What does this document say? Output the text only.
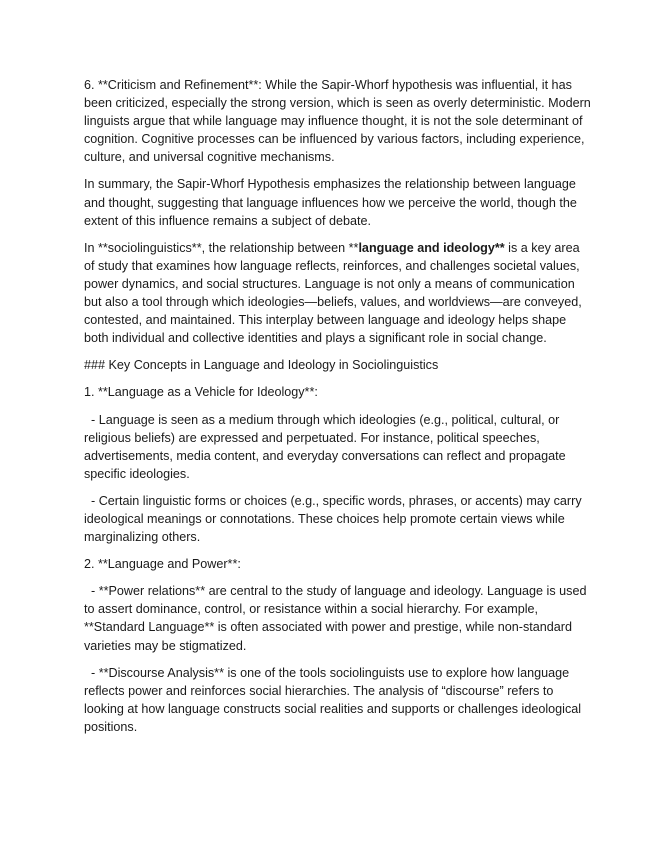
6. **Criticism and Refinement**: While the Sapir-Whorf hypothesis was influential, it has been criticized, especially the strong version, which is seen as overly deterministic. Modern linguists argue that while language may influence thought, it is not the sole determinant of cognition. Cognitive processes can be influenced by various factors, including experience, culture, and universal cognitive mechanisms.

In summary, the Sapir-Whorf Hypothesis emphasizes the relationship between language and thought, suggesting that language influences how we perceive the world, though the extent of this influence remains a subject of debate.

In **sociolinguistics**, the relationship between **language and ideology** is a key area of study that examines how language reflects, reinforces, and challenges societal values, power dynamics, and social structures. Language is not only a means of communication but also a tool through which ideologies—beliefs, values, and worldviews—are conveyed, contested, and maintained. This interplay between language and ideology helps shape both individual and collective identities and plays a significant role in social change.

### Key Concepts in Language and Ideology in Sociolinguistics

1. **Language as a Vehicle for Ideology**:

- Language is seen as a medium through which ideologies (e.g., political, cultural, or religious beliefs) are expressed and perpetuated. For instance, political speeches, advertisements, media content, and everyday conversations can reflect and propagate specific ideologies.

- Certain linguistic forms or choices (e.g., specific words, phrases, or accents) may carry ideological meanings or connotations. These choices help promote certain views while marginalizing others.

2. **Language and Power**:

- **Power relations** are central to the study of language and ideology. Language is used to assert dominance, control, or resistance within a social hierarchy. For example, **Standard Language** is often associated with power and prestige, while non-standard varieties may be stigmatized.

- **Discourse Analysis** is one of the tools sociolinguists use to explore how language reflects power and reinforces social hierarchies. The analysis of “discourse” refers to looking at how language constructs social realities and supports or challenges ideological positions.
